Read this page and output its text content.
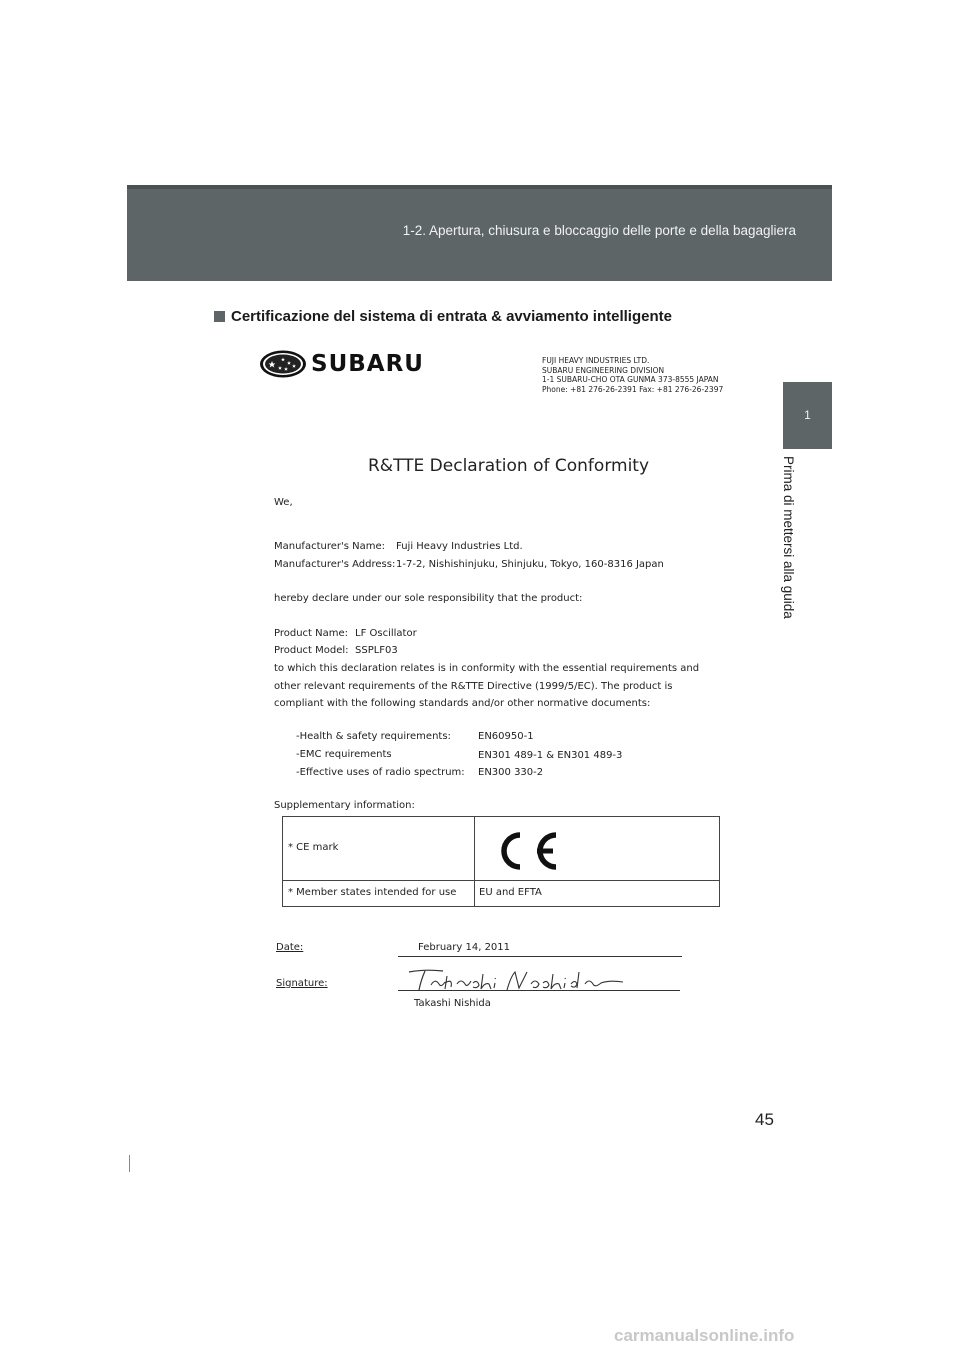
1-2. Apertura, chiusura e bloccaggio delle porte e della bagagliera
1
Prima di mettersi alla guida
Certificazione del sistema di entrata & avviamento intelligente
SUBARU	FUJI HEAVY INDUSTRIES LTD.
SUBARU ENGINEERING DIVISION
1-1 SUBARU-CHO OTA GUNMA 373-8555 JAPAN
Phone: +81 276-26-2391 Fax: +81 276-26-2397
R&TTE Declaration of Conformity
We,
Manufacturer's Name: Fuji Heavy Industries Ltd.
Manufacturer's Address: 1-7-2, Nishishinjuku, Shinjuku, Tokyo, 160-8316 Japan
hereby declare under our sole responsibility that the product:
Product Name: LF Oscillator
Product Model: SSPLF03
to which this declaration relates is in conformity with the essential requirements and
other relevant requirements of the R&TTE Directive (1999/5/EC). The product is
compliant with the following standards and/or other normative documents:
-Health & safety requirements:	EN60950-1
-EMC requirements	EN301 489-1 & EN301 489-3
-Effective uses of radio spectrum: EN300 330-2
Supplementary information:
* CE mark
* Member states intended for use EU and EFTA
Date:	February 14, 2011
Signature:
Takashi Nishida
45
carmanualsonline.info
